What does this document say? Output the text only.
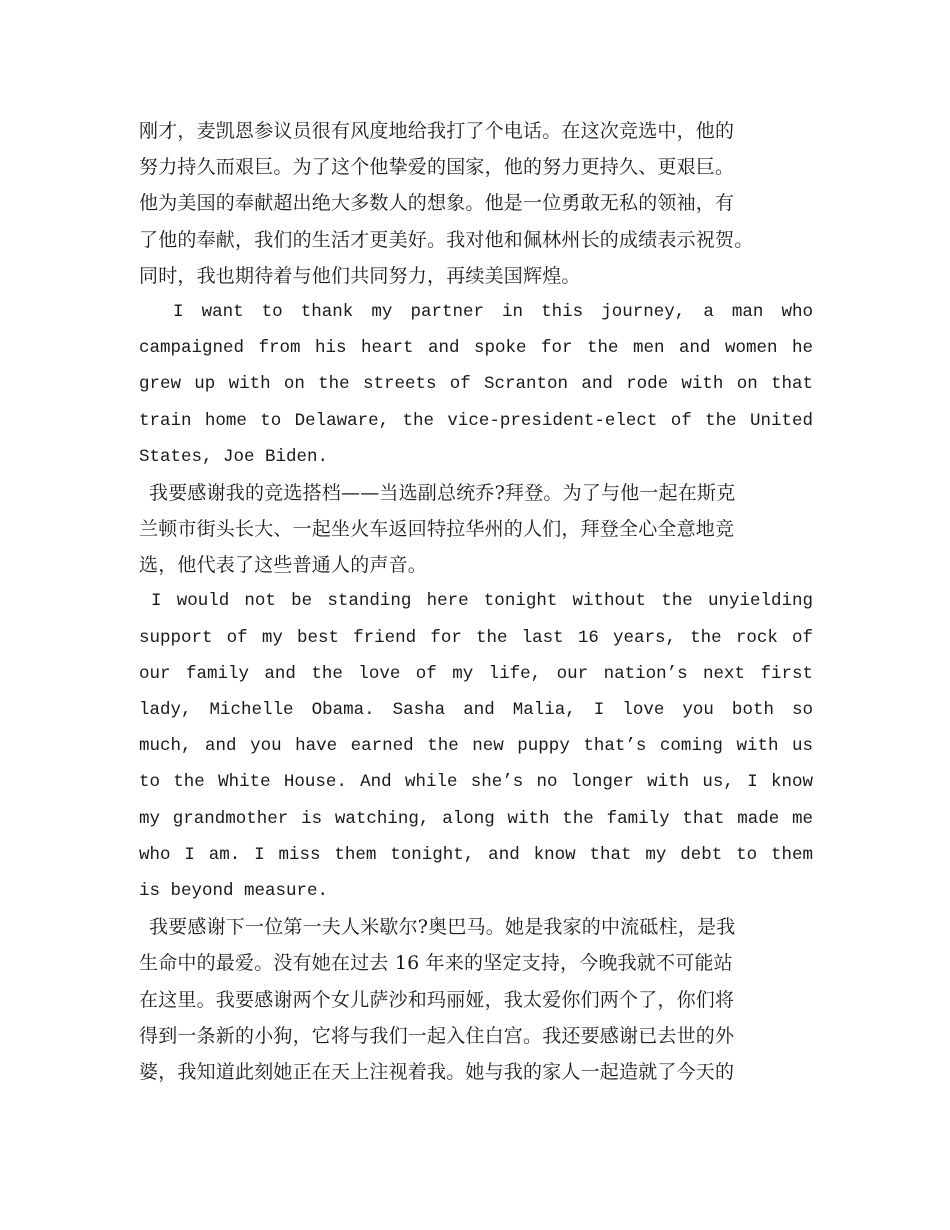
刚才，麦凯恩参议员很有风度地给我打了个电话。在这次竞选中，他的
努力持久而艰巨。为了这个他挚爱的国家，他的努力更持久、更艰巨。
他为美国的奉献超出绝大多数人的想象。他是一位勇敢无私的领袖，有
了他的奉献，我们的生活才更美好。我对他和佩林州长的成绩表示祝贺。
同时，我也期待着与他们共同努力，再续美国辉煌。
I want to thank my partner in this journey, a man who
campaigned from his heart and spoke for the men and women he
grew up with on the streets of Scranton and rode with on that
train home to Delaware, the vice-president-elect of the United
States, Joe Biden.
我要感谢我的竞选搭档——当选副总统乔?拜登。为了与他一起在斯克
兰顿市街头长大、一起坐火车返回特拉华州的人们，拜登全心全意地竞
选，他代表了这些普通人的声音。
I would not be standing here tonight without the unyielding
support of my best friend for the last 16 years, the rock of
our family and the love of my life, our nation’s next first
lady, Michelle Obama. Sasha and Malia, I love you both so
much, and you have earned the new puppy that’s coming with us
to the White House. And while she’s no longer with us, I know
my grandmother is watching, along with the family that made me
who I am. I miss them tonight, and know that my debt to them
is beyond measure.
我要感谢下一位第一夫人米歇尔?奥巴马。她是我家的中流砥柱，是我
生命中的最爱。没有她在过去 16 年来的坚定支持，今晚我就不可能站
在这里。我要感谢两个女儿萨沙和玛丽娅，我太爱你们两个了，你们将
得到一条新的小狗，它将与我们一起入住白宫。我还要感谢已去世的外
婆，我知道此刻她正在天上注视着我。她与我的家人一起造就了今天的
